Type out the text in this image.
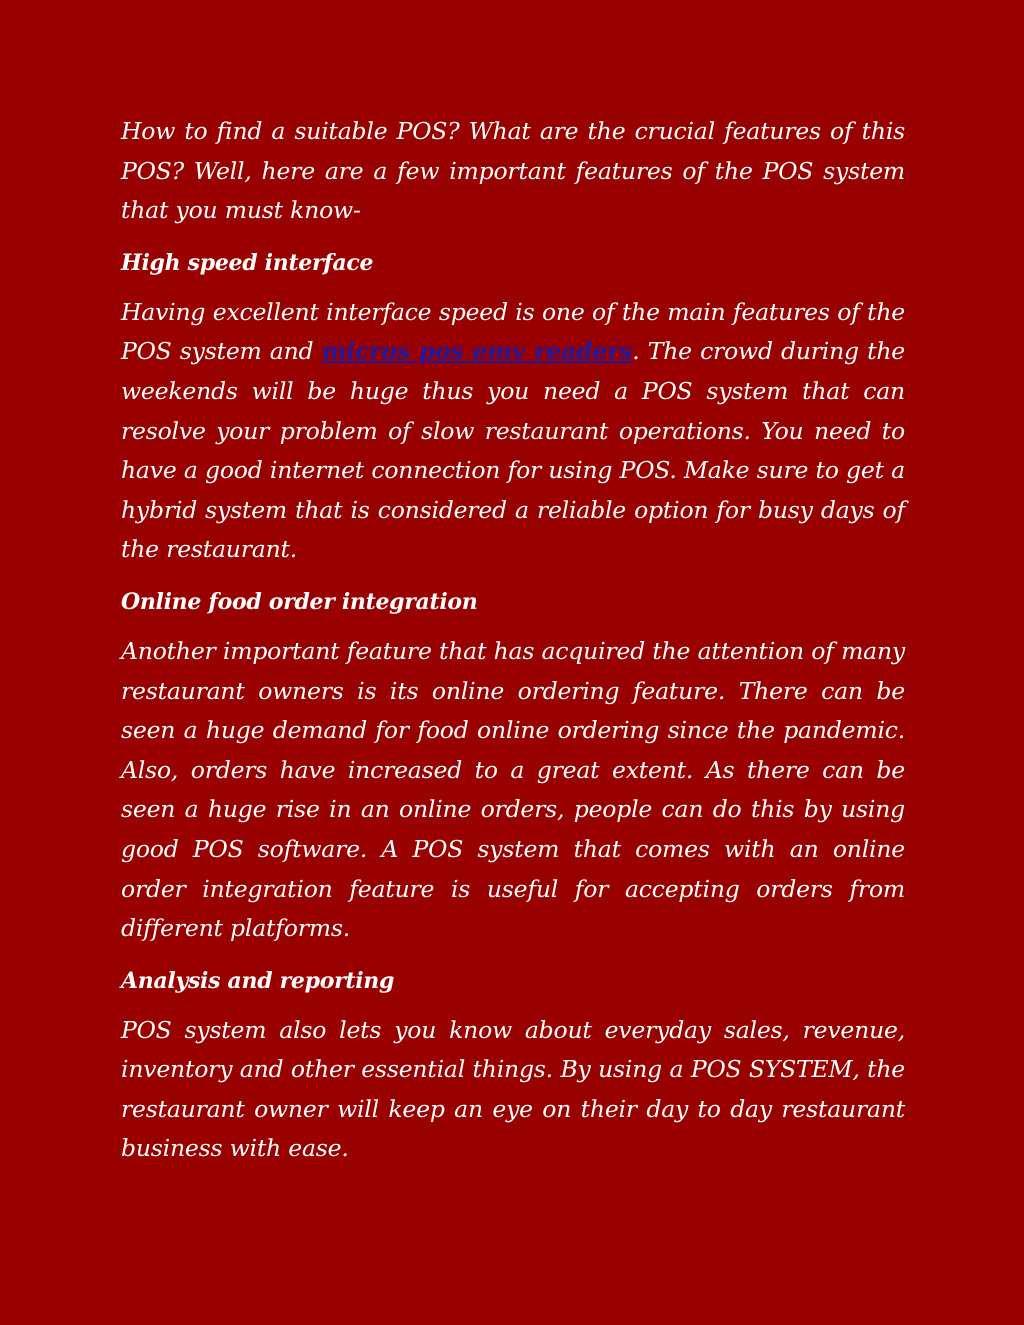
How to find a suitable POS? What are the crucial features of this POS? Well, here are a few important features of the POS system that you must know-

High speed interface

Having excellent interface speed is one of the main features of the POS system and micros pos emv readers. The crowd during the weekends will be huge thus you need a POS system that can resolve your problem of slow restaurant operations. You need to have a good internet connection for using POS. Make sure to get a hybrid system that is considered a reliable option for busy days of the restaurant.

Online food order integration

Another important feature that has acquired the attention of many restaurant owners is its online ordering feature. There can be seen a huge demand for food online ordering since the pandemic. Also, orders have increased to a great extent. As there can be seen a huge rise in an online orders, people can do this by using good POS software. A POS system that comes with an online order integration feature is useful for accepting orders from different platforms.

Analysis and reporting

POS system also lets you know about everyday sales, revenue, inventory and other essential things. By using a POS SYSTEM, the restaurant owner will keep an eye on their day to day restaurant business with ease.
